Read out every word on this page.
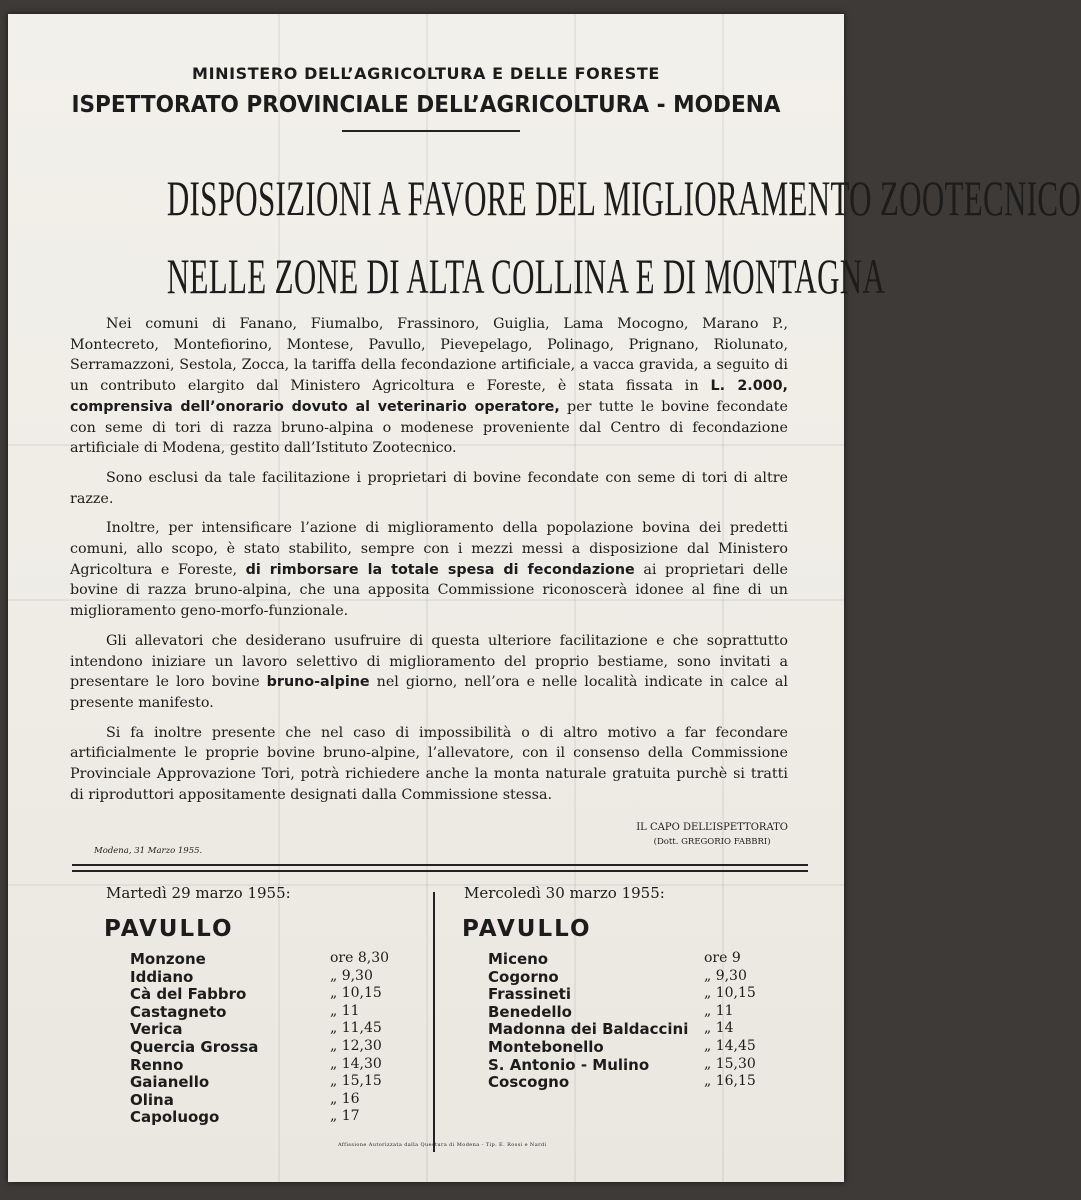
MINISTERO DELL’AGRICOLTURA E DELLE FORESTE
ISPETTORATO PROVINCIALE DELL’AGRICOLTURA - MODENA
DISPOSIZIONI A FAVORE DEL MIGLIORAMENTO ZOOTECNICO
NELLE ZONE DI ALTA COLLINA E DI MONTAGNA

Nei comuni di Fanano, Fiumalbo, Frassinoro, Guiglia, Lama Mocogno, Marano P., Montecreto, Montefiorino, Montese, Pavullo, Pievepelago, Polinago, Prignano, Riolunato, Serramazzoni, Sestola, Zocca, la tariffa della fecondazione artificiale, a vacca gravida, a seguito di un contributo elargito dal Ministero Agricoltura e Foreste, è stata fissata in L. 2.000, comprensiva dell’onorario dovuto al veterinario operatore, per tutte le bovine fecondate con seme di tori di razza bruno-alpina o modenese proveniente dal Centro di fecondazione artificiale di Modena, gestito dall’Istituto Zootecnico.

Sono esclusi da tale facilitazione i proprietari di bovine fecondate con seme di tori di altre razze.

Inoltre, per intensificare l’azione di miglioramento della popolazione bovina dei predetti comuni, allo scopo, è stato stabilito, sempre con i mezzi messi a disposizione dal Ministero Agricoltura e Foreste, di rimborsare la totale spesa di fecondazione ai proprietari delle bovine di razza bruno-alpina, che una apposita Commissione riconoscerà idonee al fine di un miglioramento geno-morfo-funzionale.

Gli allevatori che desiderano usufruire di questa ulteriore facilitazione e che soprattutto intendono iniziare un lavoro selettivo di miglioramento del proprio bestiame, sono invitati a presentare le loro bovine bruno-alpine nel giorno, nell’ora e nelle località indicate in calce al presente manifesto.

Si fa inoltre presente che nel caso di impossibilità o di altro motivo a far fecondare artificialmente le proprie bovine bruno-alpine, l’allevatore, con il consenso della Commissione Provinciale Approvazione Tori, potrà richiedere anche la monta naturale gratuita purchè si tratti di riproduttori appositamente designati dalla Commissione stessa.

Modena, 31 Marzo 1955.
IL CAPO DELL’ISPETTORATO
(Dott. GREGORIO FABBRI)
Martedì 29 marzo 1955:
PAVULLO
Monzone	ore 8,30
Iddiano	„ 9,30
Cà del Fabbro	„ 10,15
Castagneto	„ 11
Verica	„ 11,45
Quercia Grossa	„ 12,30
Renno	„ 14,30
Gaianello	„ 15,15
Olina	„ 16
Capoluogo	„ 17
Mercoledì 30 marzo 1955:
PAVULLO
Miceno	ore 9
Cogorno	„ 9,30
Frassineti	„ 10,15
Benedello	„ 11
Madonna dei Baldaccini „ 14
Montebonello	„ 14,45
S. Antonio - Mulino	„ 15,30
Coscogno	„ 16,15
Affissione Autorizzata dalla Questura di Modena - Tip. E. Rossi e Nardi
